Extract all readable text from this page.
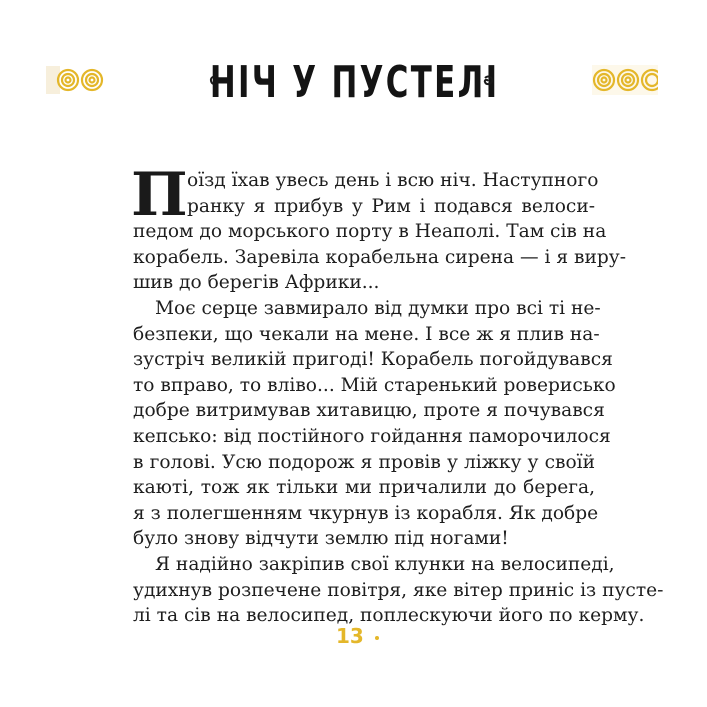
НІЧ У ПУСТЕЛІ
П оїзд їхав увесь день і всю ніч. Наступного
ранку я прибув у Рим і подався велоси-
педом до морського порту в Неаполі. Там сів на
корабель. Заревіла корабельна сирена — і я виру-
шив до берегів Африки...
Моє серце завмирало від думки про всі ті не-
безпеки, що чекали на мене. І все ж я плив на-
зустріч великій пригоді! Корабель погойдувався
то вправо, то вліво... Мій старенький роверисько
добре витримував хитавицю, проте я почувався
кепсько: від постійного гойдання паморочилося
в голові. Усю подорож я провів у ліжку у своїй
каюті, тож як тільки ми причалили до берега,
я з полегшенням чкурнув із корабля. Як добре
було знову відчути землю під ногами!
Я надійно закріпив свої клунки на велосипеді,
удихнув розпечене повітря, яке вітер приніс із пусте-
лі та сів на велосипед, поплескуючи його по керму.
13
